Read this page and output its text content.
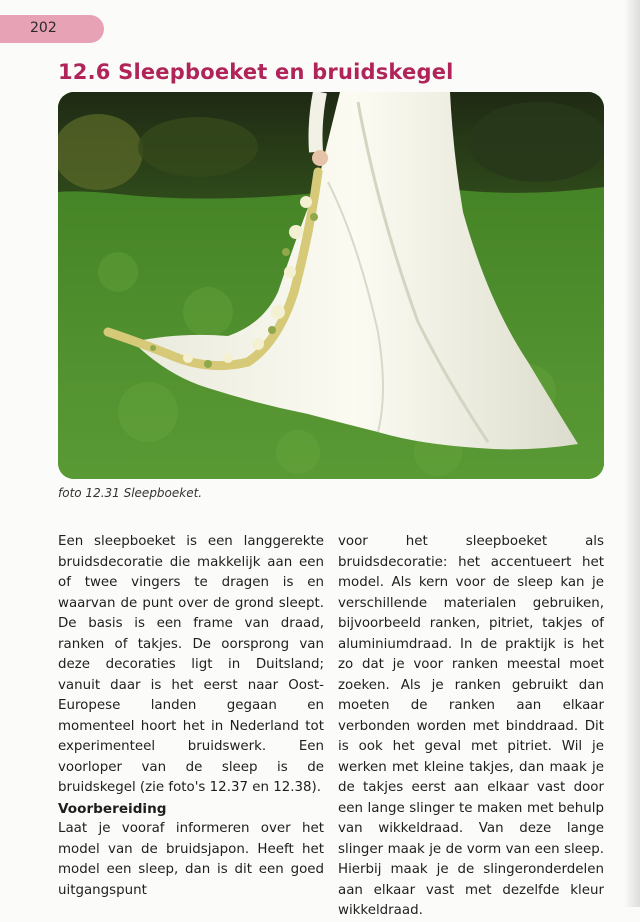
202
12.6 Sleepboeket en bruidskegel

foto 12.31 Sleepboeket.

Een sleepboeket is een langgerekte bruidsdecoratie die makkelijk aan een of twee vingers te dragen is en waarvan de punt over de grond sleept. De basis is een frame van draad, ranken of takjes. De oorsprong van deze decoraties ligt in Duitsland; vanuit daar is het eerst naar Oost-Europese landen gegaan en momenteel hoort het in Nederland tot experimenteel bruidswerk. Een voorloper van de sleep is de bruidskegel (zie foto's 12.37 en 12.38).

Voorbereiding

Laat je vooraf informeren over het model van de bruidsjapon. Heeft het model een sleep, dan is dit een goed uitgangspunt

voor het sleepboeket als bruidsdecoratie: het accentueert het model. Als kern voor de sleep kan je verschillende materialen gebruiken, bijvoorbeeld ranken, pitriet, takjes of aluminiumdraad. In de praktijk is het zo dat je voor ranken meestal moet zoeken. Als je ranken gebruikt dan moeten de ranken aan elkaar verbonden worden met binddraad. Dit is ook het geval met pitriet. Wil je werken met kleine takjes, dan maak je de takjes eerst aan elkaar vast door een lange slinger te maken met behulp van wikkeldraad. Van deze lange slinger maak je de vorm van een sleep. Hierbij maak je de slingeronderdelen aan elkaar vast met dezelfde kleur wikkeldraad.
